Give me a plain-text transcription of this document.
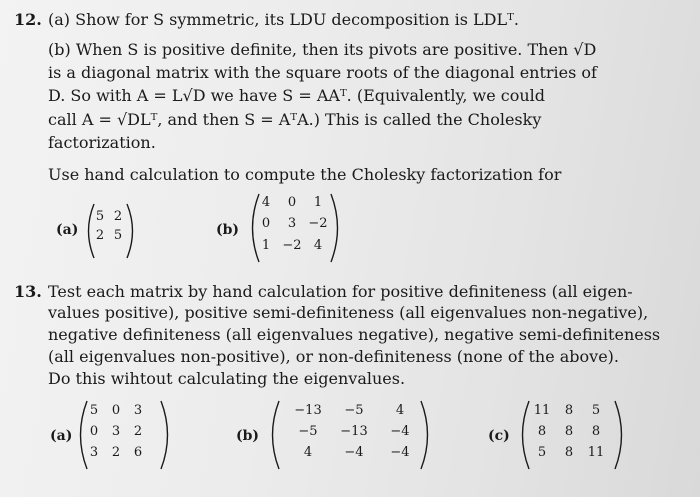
12. (a) Show for S symmetric, its LDU decomposition is LDLᵀ.
(b) When S is positive definite, then its pivots are positive. Then √D
is a diagonal matrix with the square roots of the diagonal entries of
D. So with A = L√D we have S = AAᵀ. (Equivalently, we could
call A = √DLᵀ, and then S = AᵀA.) This is called the Cholesky
factorization.
Use hand calculation to compute the Cholesky factorization for
(a)
5 2
2 5	(b)
4	0	1
0	3 −2
1 −2 4
13. Test each matrix by hand calculation for positive definiteness (all eigen-
values positive), positive semi-definiteness (all eigenvalues non-negative),
negative definiteness (all eigenvalues negative), negative semi-definiteness
(all eigenvalues non-positive), or non-definiteness (none of the above).
Do this wihtout calculating the eigenvalues.
(a)
5	0	3
0	3	2
3	2	6
(b)
−13	−5	4
−5	−13	−4
4	−4	−4
(c)
11	8	5
8	8	8
5	8	11
